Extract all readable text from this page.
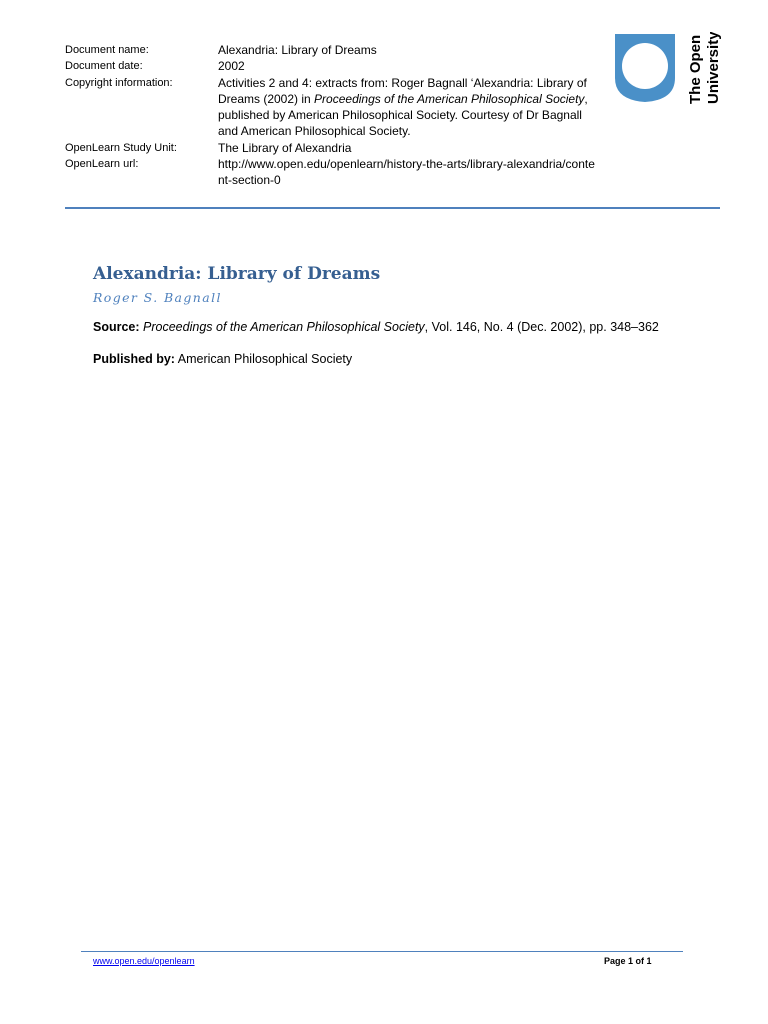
Document name:	Alexandria: Library of Dreams
Document date:	2002
Copyright information:	Activities 2 and 4: extracts from: Roger Bagnall ‘Alexandria: Library of Dreams (2002) in Proceedings of the American Philosophical Society, published by American Philosophical Society. Courtesy of Dr Bagnall and American Philosophical Society.
OpenLearn Study Unit:	The Library of Alexandria
OpenLearn url:	http://www.open.edu/openlearn/history-the-arts/library-alexandria/content-section-0
The Open University
Alexandria: Library of Dreams
Roger S. Bagnall
Source: Proceedings of the American Philosophical Society, Vol. 146, No. 4 (Dec. 2002), pp. 348–362
Published by: American Philosophical Society
www.open.edu/openlearn	Page 1 of 1
